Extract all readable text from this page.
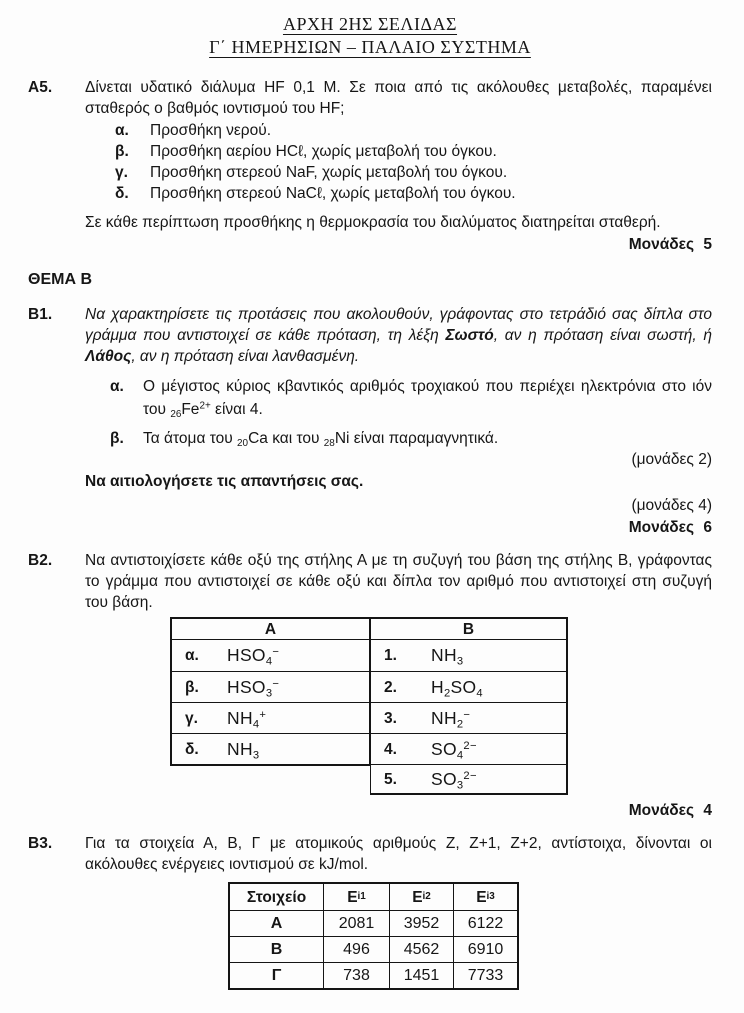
ΑΡΧΗ 2ΗΣ ΣΕΛΙΔΑΣ
Γ΄ ΗΜΕΡΗΣΙΩΝ – ΠΑΛΑΙΟ ΣΥΣΤΗΜΑ
Α5.	Δίνεται υδατικό διάλυμα HF 0,1 M. Σε ποια από τις ακόλουθες μεταβολές, παραμένει σταθερός ο βαθμός ιοντισμού του HF;

α.	Προσθήκη νερού.
β.	Προσθήκη αερίου HCℓ, χωρίς μεταβολή του όγκου.
γ.	Προσθήκη στερεού NaF, χωρίς μεταβολή του όγκου.
δ.	Προσθήκη στερεού NaCℓ, χωρίς μεταβολή του όγκου.

Σε κάθε περίπτωση προσθήκης η θερμοκρασία του διαλύματος διατηρείται σταθερή.

Μονάδες 5
ΘΕΜΑ Β
Β1.	Να χαρακτηρίσετε τις προτάσεις που ακολουθούν, γράφοντας στο τετράδιό σας δίπλα στο γράμμα που αντιστοιχεί σε κάθε πρόταση, τη λέξη Σωστό, αν η πρόταση είναι σωστή, ή Λάθος, αν η πρόταση είναι λανθασμένη.

α.	Ο μέγιστος κύριος κβαντικός αριθμός τροχιακού που περιέχει ηλεκτρόνια στο ιόν του $_{26}Fe^{2+}$ είναι 4.
β.	Τα άτομα του $_{20}$Ca και του $_{28}$Ni είναι παραμαγνητικά.

(μονάδες 2)

Να αιτιολογήσετε τις απαντήσεις σας.

(μονάδες 4)

Μονάδες 6
Β2.	Να αντιστοιχίσετε κάθε οξύ της στήλης Α με τη συζυγή του βάση της στήλης Β, γράφοντας το γράμμα που αντιστοιχεί σε κάθε οξύ και δίπλα τον αριθμό που αντιστοιχεί στη συζυγή του βάση.

Α
α.	$HSO_4^-$
β.	$HSO_3^-$
γ.	$NH_4^+$
δ.	$NH_3$
Β
1.	$NH_3$
2.	$H_2SO_4$
3.	$NH_2^-$
4.	$SO_4^{2-}$
5.	$SO_3^{2-}$
Μονάδες 4
Β3.	Για τα στοιχεία Α, Β, Γ με ατομικούς αριθμούς Ζ, Ζ+1, Ζ+2, αντίστοιχα, δίνονται οι ακόλουθες ενέργειες ιοντισμού σε kJ/mol.

Στοιχείο	E i1	E i2	E i3
Α	2081	3952	6122
Β	496	4562	6910
Γ	738	1451	7733
